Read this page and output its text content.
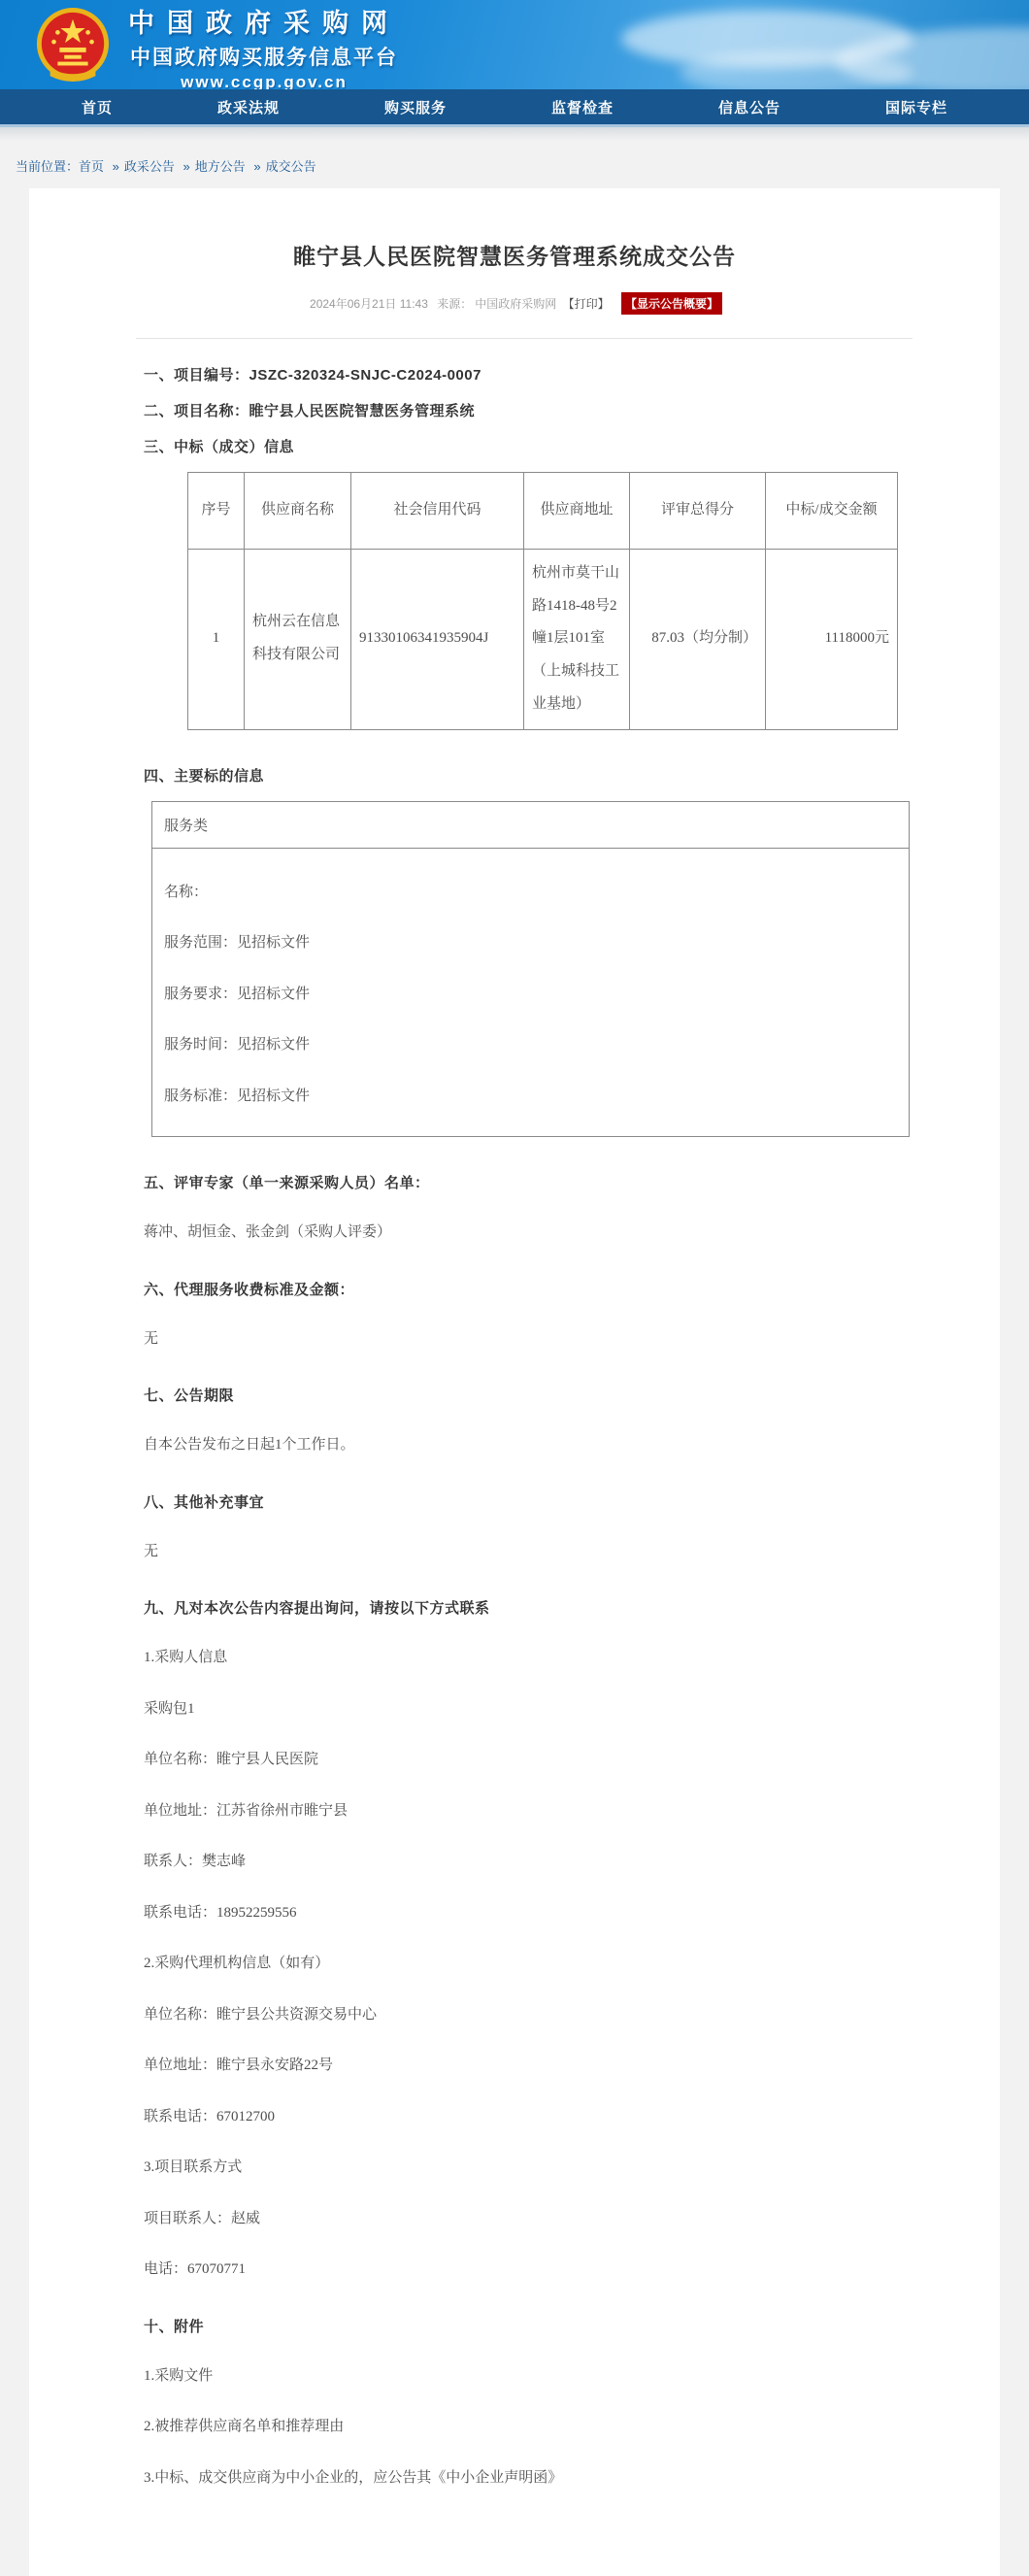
中国政府采购网
中国政府购买服务信息平台
www.ccgp.gov.cn
首页	政采法规	购买服务	监督检查	信息公告	国际专栏
当前位置：首页 » 政采公告 » 地方公告 » 成交公告
睢宁县人民医院智慧医务管理系统成交公告
2024年06月21日 11:43 来源： 中国政府采购网 【打印】 【显示公告概要】
一、项目编号：JSZC-320324-SNJC-C2024-0007
二、项目名称：睢宁县人民医院智慧医务管理系统
三、中标（成交）信息
序号	供应商名称	社会信用代码	供应商地址	评审总得分	中标/成交金额
1	杭州云在信息科技有限公司	91330106341935904J	杭州市莫干山路1418-48号2幢1层101室（上城科技工业基地）	87.03（均分制）	1118000元
四、主要标的信息
服务类

名称：

服务范围：见招标文件

服务要求：见招标文件

服务时间：见招标文件

服务标准：见招标文件

五、评审专家（单一来源采购人员）名单：

蒋冲、胡恒金、张金剑（采购人评委）

六、代理服务收费标准及金额：

无

七、公告期限

自本公告发布之日起1个工作日。

八、其他补充事宜

无

九、凡对本次公告内容提出询问，请按以下方式联系

1.采购人信息

采购包1

单位名称：睢宁县人民医院

单位地址：江苏省徐州市睢宁县

联系人：樊志峰

联系电话：18952259556

2.采购代理机构信息（如有）

单位名称：睢宁县公共资源交易中心

单位地址：睢宁县永安路22号

联系电话：67012700

3.项目联系方式

项目联系人：赵威

电话：67070771

十、附件

1.采购文件

2.被推荐供应商名单和推荐理由

3.中标、成交供应商为中小企业的，应公告其《中小企业声明函》
